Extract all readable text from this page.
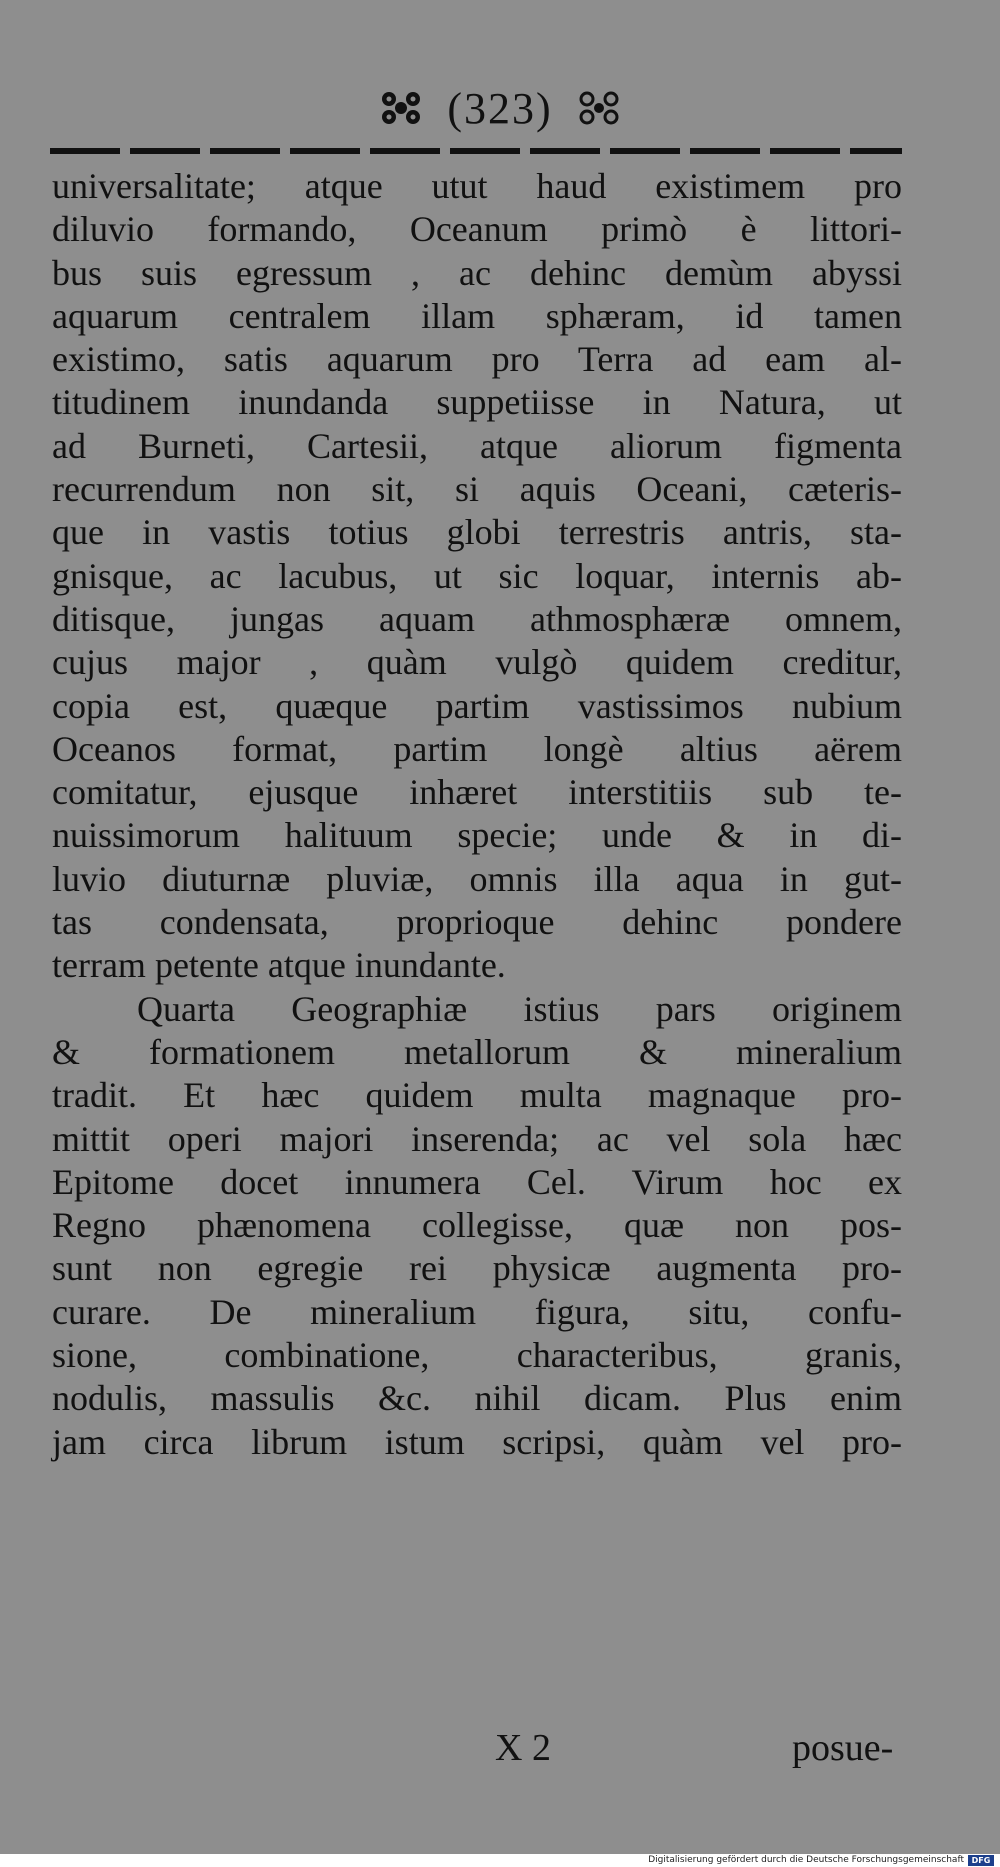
(323)
universalitate; atque utut haud existimem pro
diluvio formando, Oceanum primò è littori-
bus suis egressum , ac dehinc demùm abyssi
aquarum centralem illam sphæram, id tamen
existimo, satis aquarum pro Terra ad eam al-
titudinem inundanda suppetiisse in Natura, ut
ad Burneti, Cartesii, atque aliorum figmenta
recurrendum non sit, si aquis Oceani, cæteris-
que in vastis totius globi terrestris antris, sta-
gnisque, ac lacubus, ut sic loquar, internis ab-
ditisque, jungas aquam athmosphæræ omnem,
cujus major , quàm vulgò quidem creditur,
copia est, quæque partim vastissimos nubium
Oceanos format, partim longè altius aërem
comitatur, ejusque inhæret interstitiis sub te-
nuissimorum halituum specie; unde & in di-
luvio diuturnæ pluviæ, omnis illa aqua in gut-
tas condensata, proprioque dehinc pondere
terram petente atque inundante.
Quarta Geographiæ istius pars originem
& formationem metallorum & mineralium
tradit. Et hæc quidem multa magnaque pro-
mittit operi majori inserenda; ac vel sola hæc
Epitome docet innumera Cel. Virum hoc ex
Regno phænomena collegisse, quæ non pos-
sunt non egregie rei physicæ augmenta pro-
curare. De mineralium figura, situ, confu-
sione, combinatione, characteribus, granis,
nodulis, massulis &c. nihil dicam. Plus enim
jam circa librum istum scripsi, quàm vel pro-
X 2	posue-
Digitalisierung gefördert durch die Deutsche Forschungsgemeinschaft DFG
